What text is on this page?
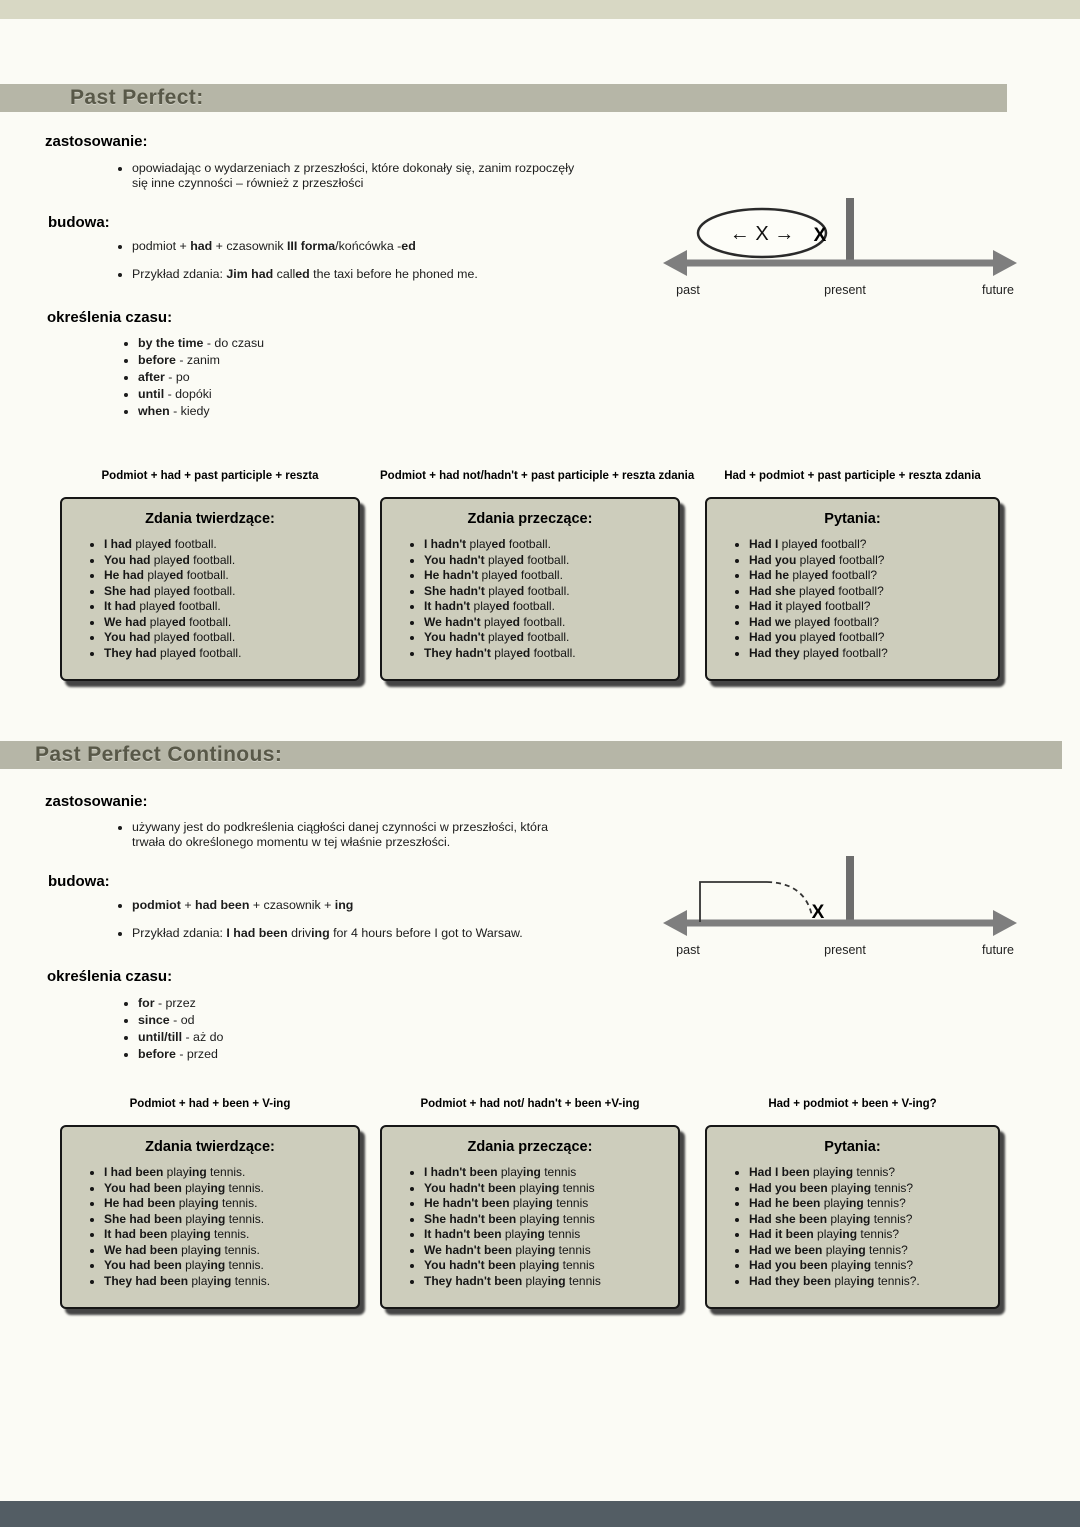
Past Perfect:
zastosowanie:
• opowiadając o wydarzeniach z przeszłości, które dokonały się, zanim rozpoczęły się inne czynności – również z przeszłości
budowa:
• podmiot + had + czasownik III forma/końcówka -ed
• Przykład zdania: Jim had called the taxi before he phoned me.
← X → X
past	present	future
określenia czasu:
• by the time - do czasu
• before - zanim
• after - po
• until - dopóki
• when - kiedy
Podmiot + had + past participle + reszta
Zdania twierdzące:
• I had played football.
• You had played football.
• He had played football.
• She had played football.
• It had played football.
• We had played football.
• You had played football.
• They had played football.
Podmiot + had not/hadn't + past participle + reszta zdania
Zdania przeczące:
• I hadn't played football.
• You hadn't played football.
• He hadn't played football.
• She hadn't played football.
• It hadn't played football.
• We hadn't played football.
• You hadn't played football.
• They hadn't played football.
Had + podmiot + past participle + reszta zdania
Pytania:
• Had I played football?
• Had you played football?
• Had he played football?
• Had she played football?
• Had it played football?
• Had we played football?
• Had you played football?
• Had they played football?
Past Perfect Continous:
zastosowanie:
• używany jest do podkreślenia ciągłości danej czynności w przeszłości, która trwała do określonego momentu w tej właśnie przeszłości.
budowa:
• podmiot + had been + czasownik + ing
• Przykład zdania: I had been driving for 4 hours before I got to Warsaw.
X
past	present	future
określenia czasu:
• for - przez
• since - od
• until/till - aż do
• before - przed
Podmiot + had + been + V-ing
Zdania twierdzące:
• I had been playing tennis.
• You had been playing tennis.
• He had been playing tennis.
• She had been playing tennis.
• It had been playing tennis.
• We had been playing tennis.
• You had been playing tennis.
• They had been playing tennis.
Podmiot + had not/ hadn't + been +V-ing
Zdania przeczące:
• I hadn't been playing tennis
• You hadn't been playing tennis
• He hadn't been playing tennis
• She hadn't been playing tennis
• It hadn't been playing tennis
• We hadn't been playing tennis
• You hadn't been playing tennis
• They hadn't been playing tennis
Had + podmiot + been + V-ing?
Pytania:
• Had I been playing tennis?
• Had you been playing tennis?
• Had he been playing tennis?
• Had she been playing tennis?
• Had it been playing tennis?
• Had we been playing tennis?
• Had you been playing tennis?
• Had they been playing tennis?.
